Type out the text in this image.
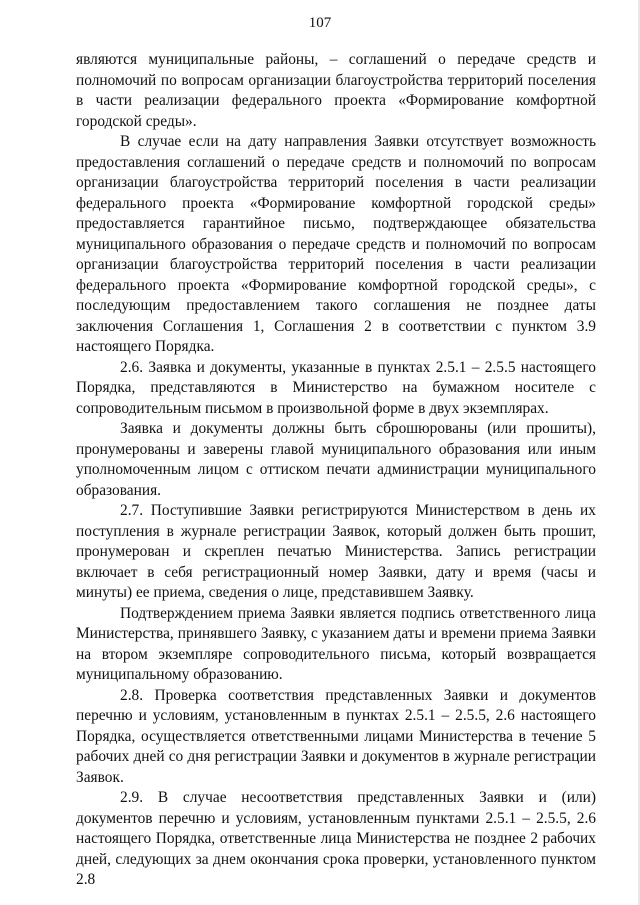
107

являются муниципальные районы, – соглашений о передаче средств и полномочий по вопросам организации благоустройства территорий поселения в части реализации федерального проекта «Формирование комфортной городской среды».

В случае если на дату направления Заявки отсутствует возможность предоставления соглашений о передаче средств и полномочий по вопросам организации благоустройства территорий поселения в части реализации федерального проекта «Формирование комфортной городской среды» предоставляется гарантийное письмо, подтверждающее обязательства муниципального образования о передаче средств и полномочий по вопросам организации благоустройства территорий поселения в части реализации федерального проекта «Формирование комфортной городской среды», с последующим предоставлением такого соглашения не позднее даты заключения Соглашения 1, Соглашения 2 в соответствии с пунктом 3.9 настоящего Порядка.

2.6. Заявка и документы, указанные в пунктах 2.5.1 – 2.5.5 настоящего Порядка, представляются в Министерство на бумажном носителе с сопроводительным письмом в произвольной форме в двух экземплярах.

Заявка и документы должны быть сброшюрованы (или прошиты), пронумерованы и заверены главой муниципального образования или иным уполномоченным лицом с оттиском печати администрации муниципального образования.

2.7. Поступившие Заявки регистрируются Министерством в день их поступления в журнале регистрации Заявок, который должен быть прошит, пронумерован и скреплен печатью Министерства. Запись регистрации включает в себя регистрационный номер Заявки, дату и время (часы и минуты) ее приема, сведения о лице, представившем Заявку.

Подтверждением приема Заявки является подпись ответственного лица Министерства, принявшего Заявку, с указанием даты и времени приема Заявки на втором экземпляре сопроводительного письма, который возвращается муниципальному образованию.

2.8. Проверка соответствия представленных Заявки и документов перечню и условиям, установленным в пунктах 2.5.1 – 2.5.5, 2.6 настоящего Порядка, осуществляется ответственными лицами Министерства в течение 5 рабочих дней со дня регистрации Заявки и документов в журнале регистрации Заявок.

2.9. В случае несоответствия представленных Заявки и (или) документов перечню и условиям, установленным пунктами 2.5.1 – 2.5.5, 2.6 настоящего Порядка, ответственные лица Министерства не позднее 2 рабочих дней, следующих за днем окончания срока проверки, установленного пунктом 2.8
